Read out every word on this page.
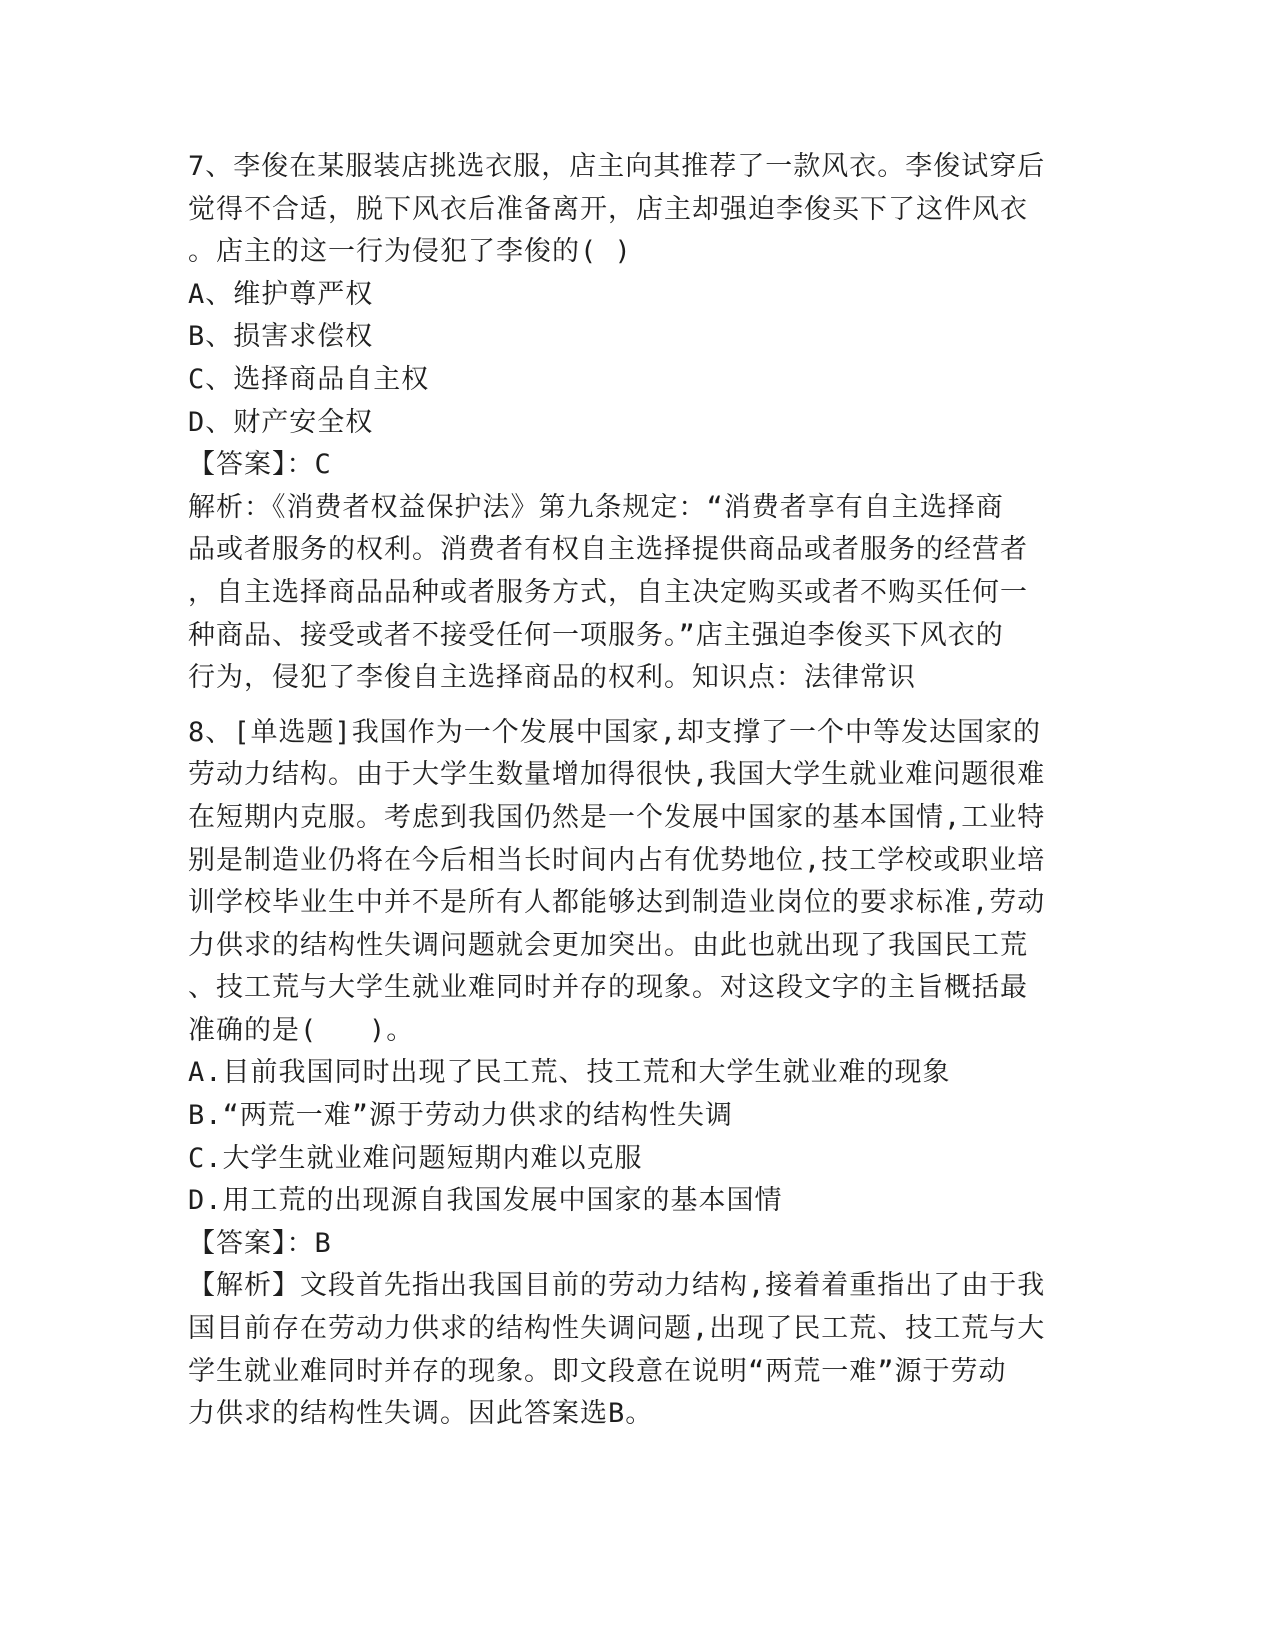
7、李俊在某服装店挑选衣服，店主向其推荐了一款风衣。李俊试穿后
觉得不合适，脱下风衣后准备离开，店主却强迫李俊买下了这件风衣
。店主的这一行为侵犯了李俊的( )
A、维护尊严权
B、损害求偿权
C、选择商品自主权
D、财产安全权
【答案】：C
解析：《消费者权益保护法》第九条规定：“消费者享有自主选择商
品或者服务的权利。消费者有权自主选择提供商品或者服务的经营者
，自主选择商品品种或者服务方式，自主决定购买或者不购买任何一
种商品、接受或者不接受任何一项服务。”店主强迫李俊买下风衣的
行为，侵犯了李俊自主选择商品的权利。知识点：法律常识
8、[单选题]我国作为一个发展中国家,却支撑了一个中等发达国家的
劳动力结构。由于大学生数量增加得很快,我国大学生就业难问题很难
在短期内克服。考虑到我国仍然是一个发展中国家的基本国情,工业特
别是制造业仍将在今后相当长时间内占有优势地位,技工学校或职业培
训学校毕业生中并不是所有人都能够达到制造业岗位的要求标准,劳动
力供求的结构性失调问题就会更加突出。由此也就出现了我国民工荒
、技工荒与大学生就业难同时并存的现象。对这段文字的主旨概括最
准确的是(   )。
A.目前我国同时出现了民工荒、技工荒和大学生就业难的现象
B.“两荒一难”源于劳动力供求的结构性失调
C.大学生就业难问题短期内难以克服
D.用工荒的出现源自我国发展中国家的基本国情
【答案】：B
【解析】文段首先指出我国目前的劳动力结构,接着着重指出了由于我
国目前存在劳动力供求的结构性失调问题,出现了民工荒、技工荒与大
学生就业难同时并存的现象。即文段意在说明“两荒一难”源于劳动
力供求的结构性失调。因此答案选B。
